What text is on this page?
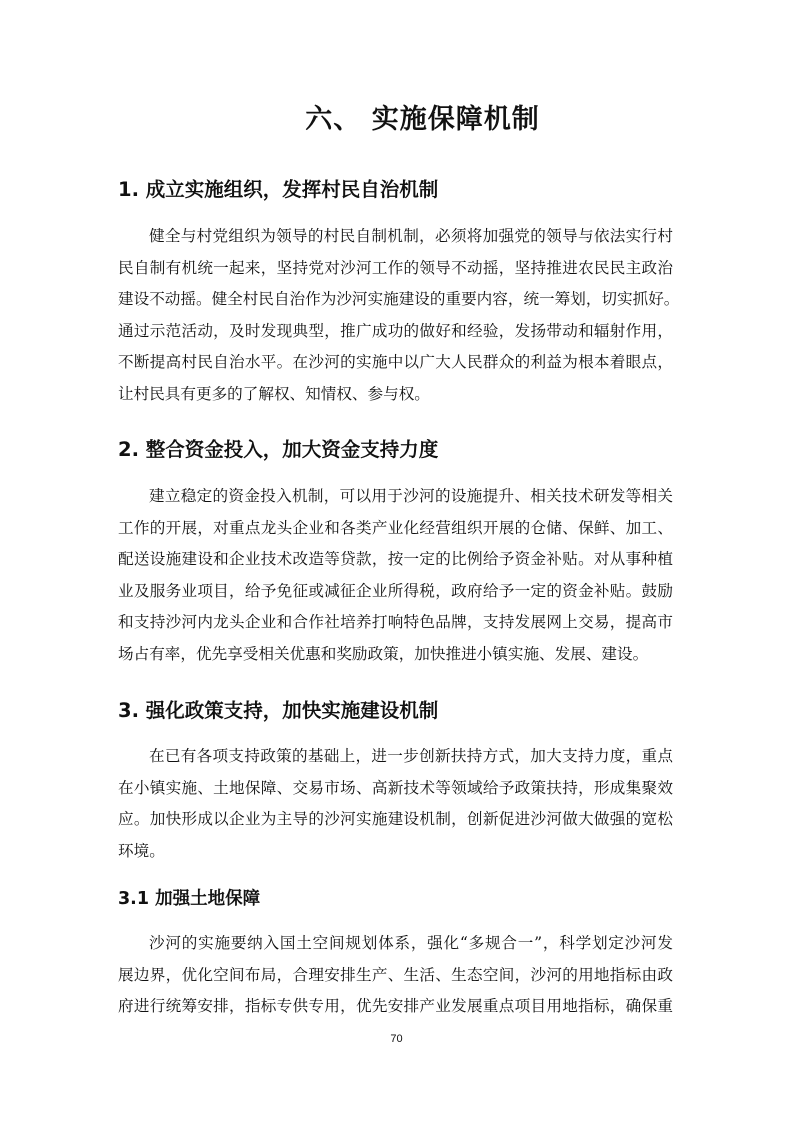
六、 实施保障机制
1. 成立实施组织，发挥村民自治机制
健全与村党组织为领导的村民自制机制，必须将加强党的领导与依法实行村
民自制有机统一起来，坚持党对沙河工作的领导不动摇，坚持推进农民民主政治
建设不动摇。健全村民自治作为沙河实施建设的重要内容，统一筹划，切实抓好。
通过示范活动，及时发现典型，推广成功的做好和经验，发扬带动和辐射作用，
不断提高村民自治水平。在沙河的实施中以广大人民群众的利益为根本着眼点，
让村民具有更多的了解权、知情权、参与权。
2. 整合资金投入，加大资金支持力度
建立稳定的资金投入机制，可以用于沙河的设施提升、相关技术研发等相关
工作的开展，对重点龙头企业和各类产业化经营组织开展的仓储、保鲜、加工、
配送设施建设和企业技术改造等贷款，按一定的比例给予资金补贴。对从事种植
业及服务业项目，给予免征或减征企业所得税，政府给予一定的资金补贴。鼓励
和支持沙河内龙头企业和合作社培养打响特色品牌，支持发展网上交易，提高市
场占有率，优先享受相关优惠和奖励政策，加快推进小镇实施、发展、建设。
3. 强化政策支持，加快实施建设机制
在已有各项支持政策的基础上，进一步创新扶持方式，加大支持力度，重点
在小镇实施、土地保障、交易市场、高新技术等领域给予政策扶持，形成集聚效
应。加快形成以企业为主导的沙河实施建设机制，创新促进沙河做大做强的宽松
环境。
3.1 加强土地保障
沙河的实施要纳入国土空间规划体系，强化“多规合一”，科学划定沙河发
展边界，优化空间布局，合理安排生产、生活、生态空间，沙河的用地指标由政
府进行统筹安排，指标专供专用，优先安排产业发展重点项目用地指标，确保重
70
